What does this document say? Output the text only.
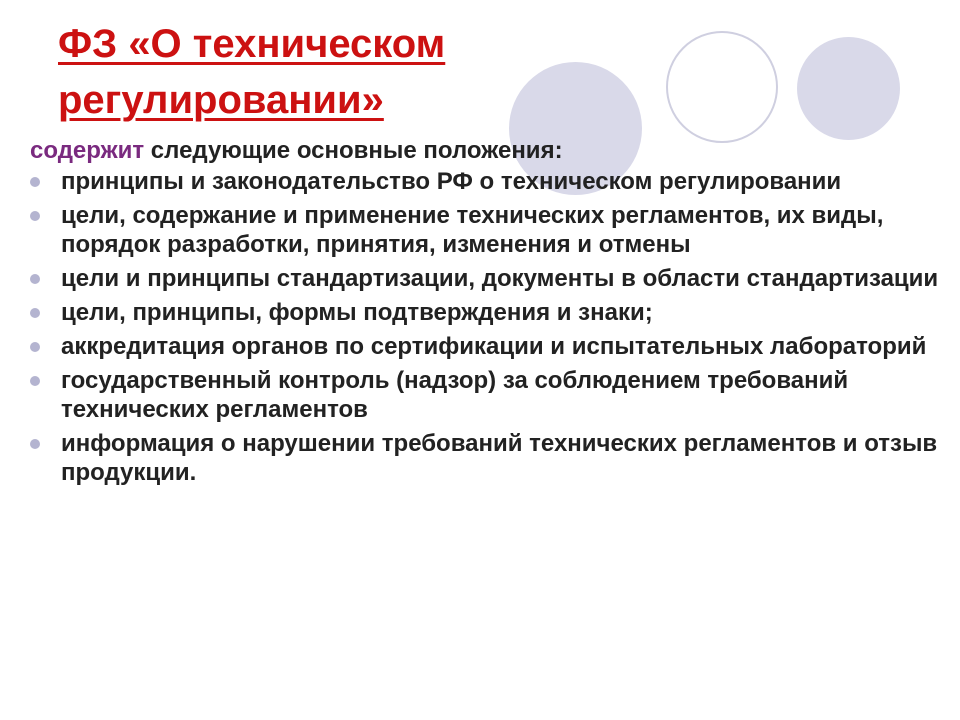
ФЗ «О техническом
регулировании»

содержит следующие основные положения:

принципы и законодательство РФ о техническом регулировании
цели, содержание и применение технических регламентов, их виды, порядок разработки, принятия, изменения и отмены
цели и принципы стандартизации, документы в области стандартизации
цели, принципы, формы подтверждения и знаки;
аккредитация органов по сертификации и испытательных лабораторий
государственный контроль (надзор) за соблюдением требований технических регламентов
информация о нарушении требований технических регламентов и отзыв продукции.
